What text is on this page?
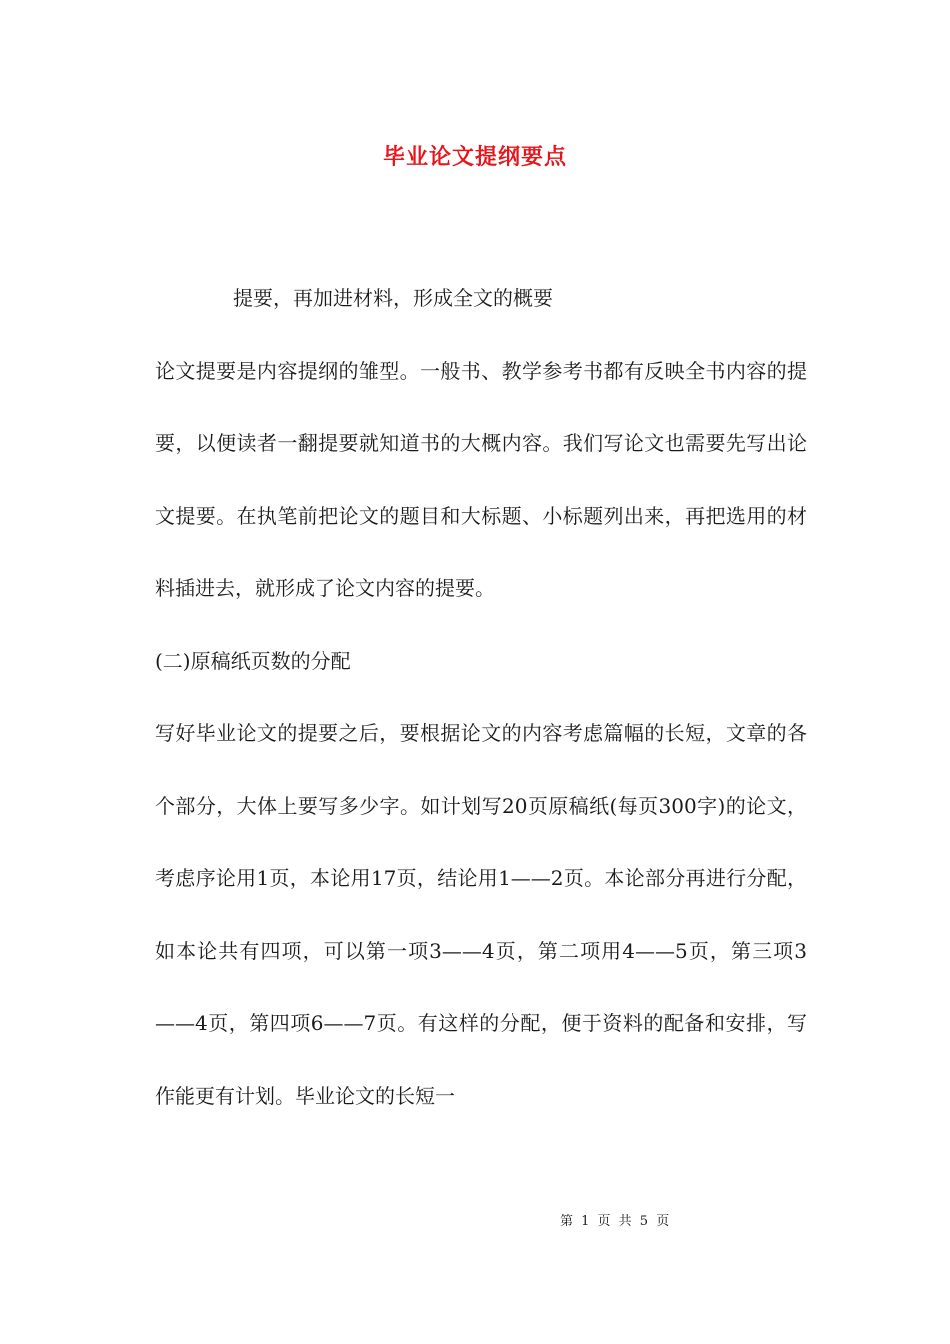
毕业论文提纲要点

提要，再加进材料，形成全文的概要

论文提要是内容提纲的雏型。一般书、教学参考书都有反映全书内容的提要，以便读者一翻提要就知道书的大概内容。我们写论文也需要先写出论文提要。在执笔前把论文的题目和大标题、小标题列出来，再把选用的材料插进去，就形成了论文内容的提要。

(二)原稿纸页数的分配

写好毕业论文的提要之后，要根据论文的内容考虑篇幅的长短，文章的各个部分，大体上要写多少字。如计划写20页原稿纸(每页300字)的论文，考虑序论用1页，本论用17页，结论用1——2页。本论部分再进行分配，如本论共有四项，可以第一项3——4页，第二项用4——5页，第三项3——4页，第四项6——7页。有这样的分配，便于资料的配备和安排，写作能更有计划。毕业论文的长短一

第 1 页 共 5 页
